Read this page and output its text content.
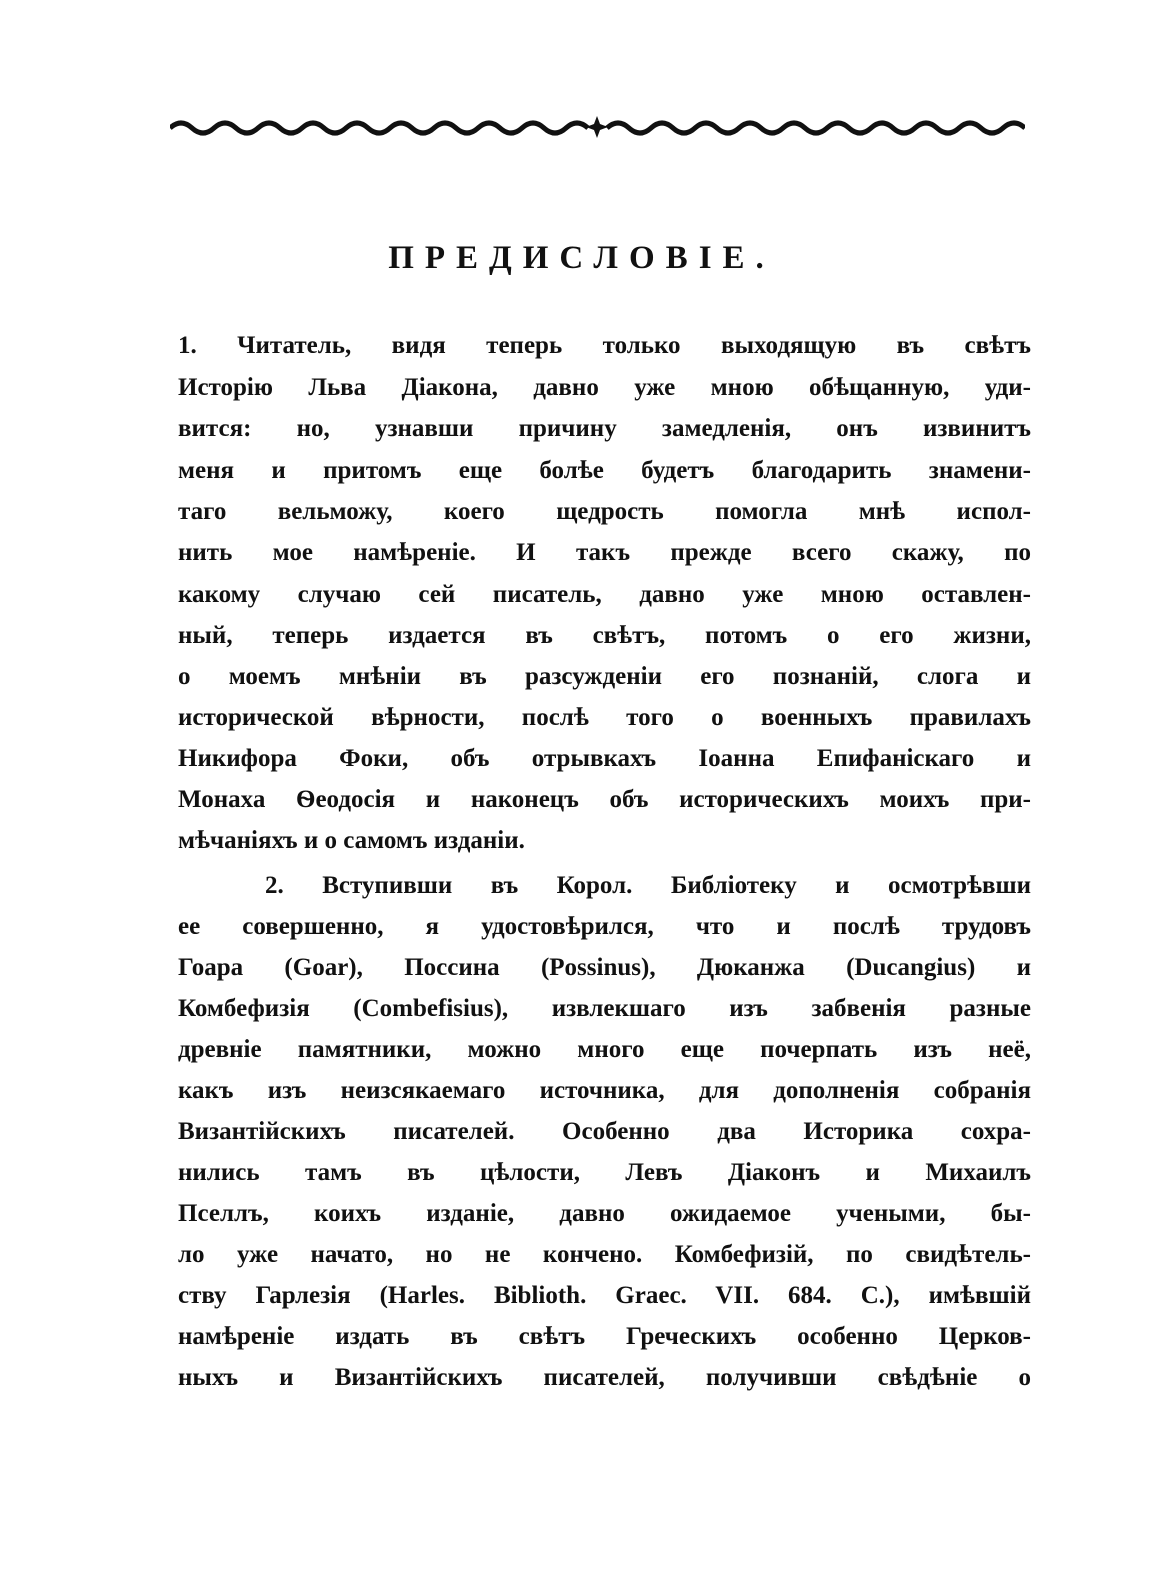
ПРЕДИСЛОВІЕ.
1. Читатель, видя теперь только выходящую въ свѣтъ
Исторію Льва Діакона, давно уже мною обѣщанную, уди-
вится: но, узнавши причину замедленія, онъ извинитъ
меня и притомъ еще болѣе будетъ благодарить знамени-
таго вельможу, коего щедрость помогла мнѣ испол-
нить мое намѣреніе. И такъ прежде всего скажу, по
какому случаю сей писатель, давно уже мною оставлен-
ный, теперь издается въ свѣтъ, потомъ о его жизни,
о моемъ мнѣніи въ разсужденіи его познаній, слога и
исторической вѣрности, послѣ того о военныхъ правилахъ
Никифора Фоки, объ отрывкахъ Іоанна Епифаніскаго и
Монаха Ѳеодосія и наконецъ объ историческихъ моихъ при-
мѣчаніяхъ и о самомъ изданіи.
2. Вступивши въ Корол. Библіотеку и осмотрѣвши
ее совершенно, я удостовѣрился, что и послѣ трудовъ
Гоара (Goar), Поссина (Possinus), Дюканжа (Ducangius) и
Комбефизія (Combefisius), извлекшаго изъ забвенія разные
древніе памятники, можно много еще почерпать изъ неё,
какъ изъ неизсякаемаго источника, для дополненія собранія
Византійскихъ писателей. Особенно два Историка сохра-
нились тамъ въ цѣлости, Левъ Діаконъ и Михаилъ
Пселлъ, коихъ изданіе, давно ожидаемое учеными, бы-
ло уже начато, но не кончено. Комбефизій, по свидѣтель-
ству Гарлезія (Harles. Biblioth. Graec. VII. 684. C.), имѣвшій
намѣреніе издать въ свѣтъ Греческихъ особенно Церков-
ныхъ и Византійскихъ писателей, получивши свѣдѣніе о
